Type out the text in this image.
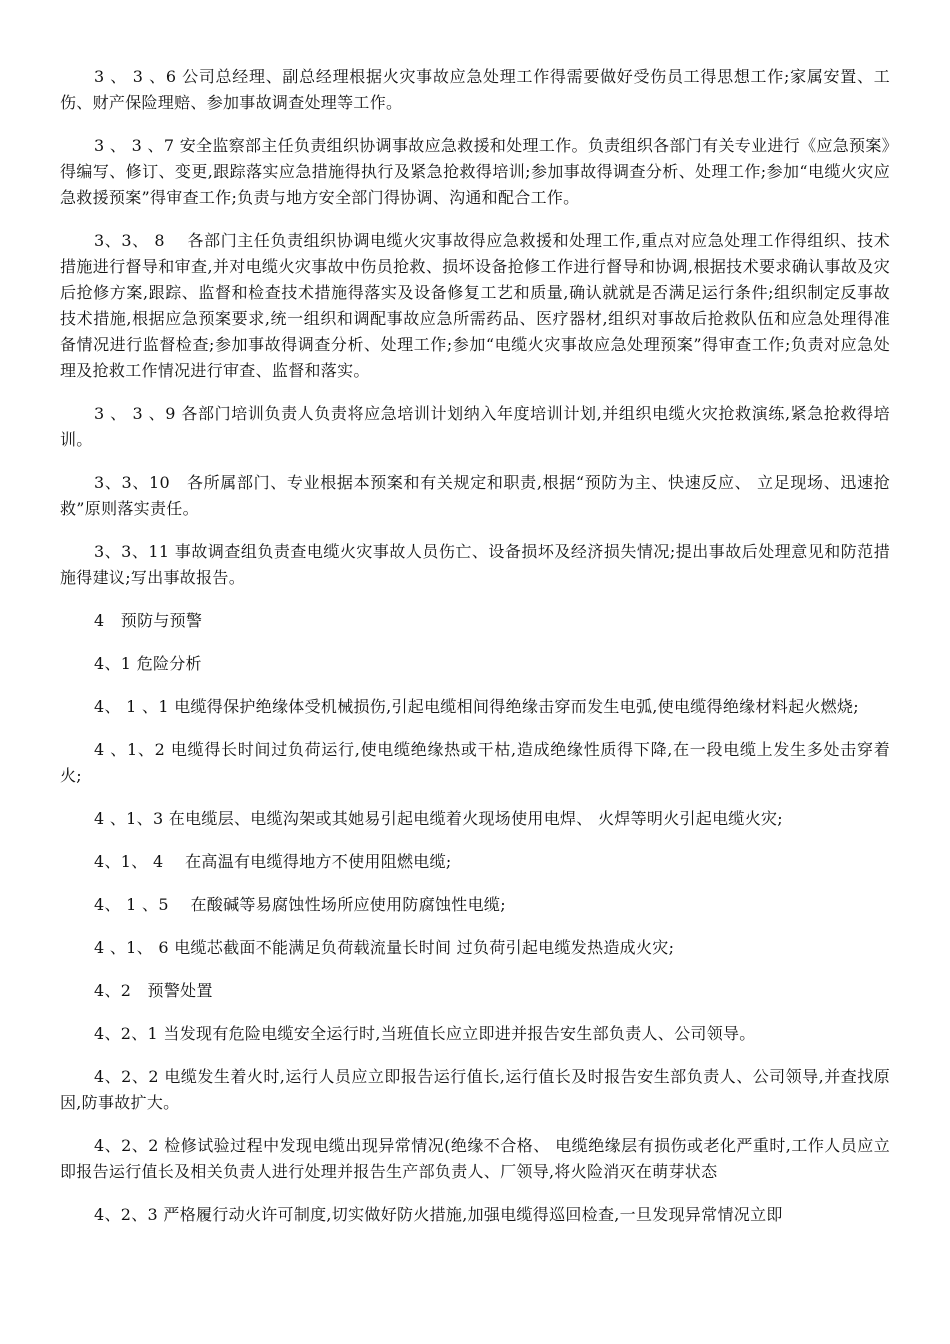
3 、 3 、6 公司总经理、副总经理根据火灾事故应急处理工作得需要做好受伤员工得思想工作;家属安置、工伤、财产保险理赔、参加事故调查处理等工作。

3 、 3 、7 安全监察部主任负责组织协调事故应急救援和处理工作。负责组织各部门有关专业进行《应急预案》得编写、修订、变更,跟踪落实应急措施得执行及紧急抢救得培训;参加事故得调查分析、处理工作;参加“电缆火灾应急救援预案”得审查工作;负责与地方安全部门得协调、沟通和配合工作。

3、3、 8　 各部门主任负责组织协调电缆火灾事故得应急救援和处理工作,重点对应急处理工作得组织、技术措施进行督导和审查,并对电缆火灾事故中伤员抢救、损坏设备抢修工作进行督导和协调,根据技术要求确认事故及灾后抢修方案,跟踪、监督和检查技术措施得落实及设备修复工艺和质量,确认就就是否满足运行条件;组织制定反事故技术措施,根据应急预案要求,统一组织和调配事故应急所需药品、医疗器材,组织对事故后抢救队伍和应急处理得准备情况进行监督检查;参加事故得调查分析、处理工作;参加“电缆火灾事故应急处理预案”得审查工作;负责对应急处理及抢救工作情况进行审查、监督和落实。

3 、 3 、9 各部门培训负责人负责将应急培训计划纳入年度培训计划,并组织电缆火灾抢救演练,紧急抢救得培训。

3、3、10　各所属部门、专业根据本预案和有关规定和职责,根据“预防为主、快速反应、 立足现场、迅速抢救”原则落实责任。

3、3、11 事故调查组负责查电缆火灾事故人员伤亡、设备损坏及经济损失情况;提出事故后处理意见和防范措施得建议;写出事故报告。

4　预防与预警

4、1 危险分析

4、 1 、1 电缆得保护绝缘体受机械损伤,引起电缆相间得绝缘击穿而发生电弧,使电缆得绝缘材料起火燃烧;

4 、1、2 电缆得长时间过负荷运行,使电缆绝缘热或干枯,造成绝缘性质得下降,在一段电缆上发生多处击穿着火;

4 、1、3 在电缆层、电缆沟架或其她易引起电缆着火现场使用电焊、 火焊等明火引起电缆火灾;

4、1、 4　 在高温有电缆得地方不使用阻燃电缆;

4、 1 、5　 在酸碱等易腐蚀性场所应使用防腐蚀性电缆;

4 、1、 6 电缆芯截面不能满足负荷载流量长时间 过负荷引起电缆发热造成火灾;

4、2　预警处置

4、2、1 当发现有危险电缆安全运行时,当班值长应立即进并报告安生部负责人、公司领导。

4、2、2 电缆发生着火时,运行人员应立即报告运行值长,运行值长及时报告安生部负责人、公司领导,并查找原因,防事故扩大。

4、2、2 检修试验过程中发现电缆出现异常情况(绝缘不合格、 电缆绝缘层有损伤或老化严重时,工作人员应立即报告运行值长及相关负责人进行处理并报告生产部负责人、厂领导,将火险消灭在萌芽状态

4、2、3 严格履行动火许可制度,切实做好防火措施,加强电缆得巡回检查,一旦发现异常情况立即
